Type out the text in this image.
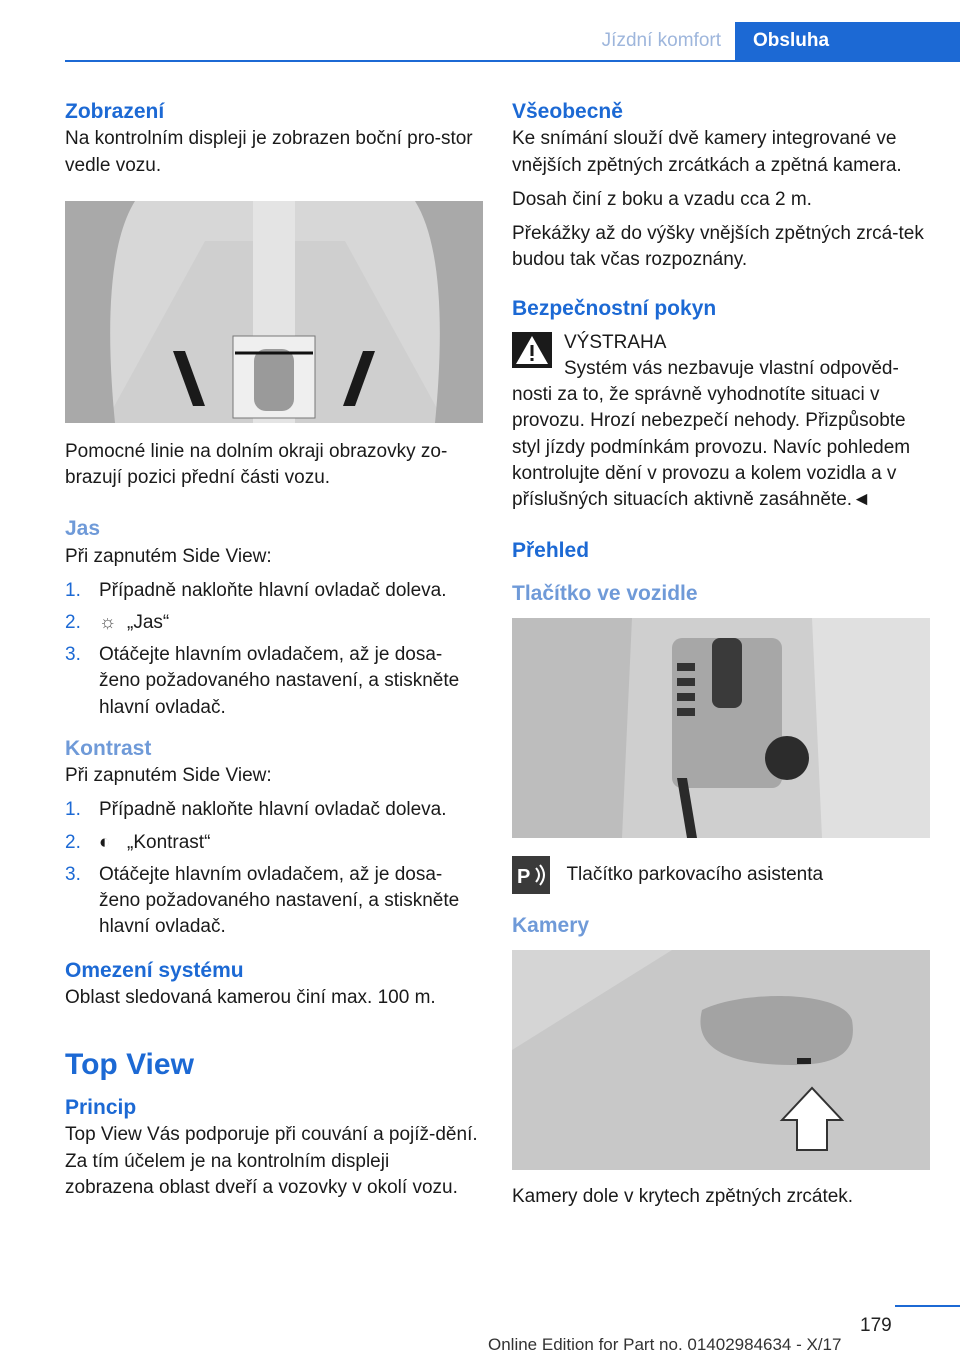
Jízdní komfort	Obsluha
Zobrazení

Na kontrolním displeji je zobrazen boční pro-stor vedle vozu.

Pomocné linie na dolním okraji obrazovky zo-brazují pozici přední části vozu.

Jas

Při zapnutém Side View:

1. Případně nakloňte hlavní ovladač doleva.
2. ☼ „Jas“
3. Otáčejte hlavním ovladačem, až je dosa-ženo požadovaného nastavení, a stiskněte hlavní ovladač.
Kontrast

Při zapnutém Side View:

1. Případně nakloňte hlavní ovladač doleva.
2. ◐ „Kontrast“
3. Otáčejte hlavním ovladačem, až je dosa-ženo požadovaného nastavení, a stiskněte hlavní ovladač.
Omezení systému

Oblast sledovaná kamerou činí max. 100 m.

Top View
Princip

Top View Vás podporuje při couvání a pojíž-dění. Za tím účelem je na kontrolním displeji zobrazena oblast dveří a vozovky v okolí vozu.

Všeobecně

Ke snímání slouží dvě kamery integrované ve vnějších zpětných zrcátkách a zpětná kamera.

Dosah činí z boku a vzadu cca 2 m.

Překážky až do výšky vnějších zpětných zrcá-tek budou tak včas rozpoznány.

Bezpečnostní pokyn

VÝSTRAHA

Systém vás nezbavuje vlastní odpověd-nosti za to, že správně vyhodnotíte situaci v provozu. Hrozí nebezpečí nehody. Přizpůsobte styl jízdy podmínkám provozu. Navíc pohledem kontrolujte dění v provozu a kolem vozidla a v příslušných situacích aktivně zasáhněte.◄

Přehled
Tlačítko ve vozidle
P Tlačítko parkovacího asistenta
Kamery

Kamery dole v krytech zpětných zrcátek.

179
Online Edition for Part no. 01402984634 - X/17
